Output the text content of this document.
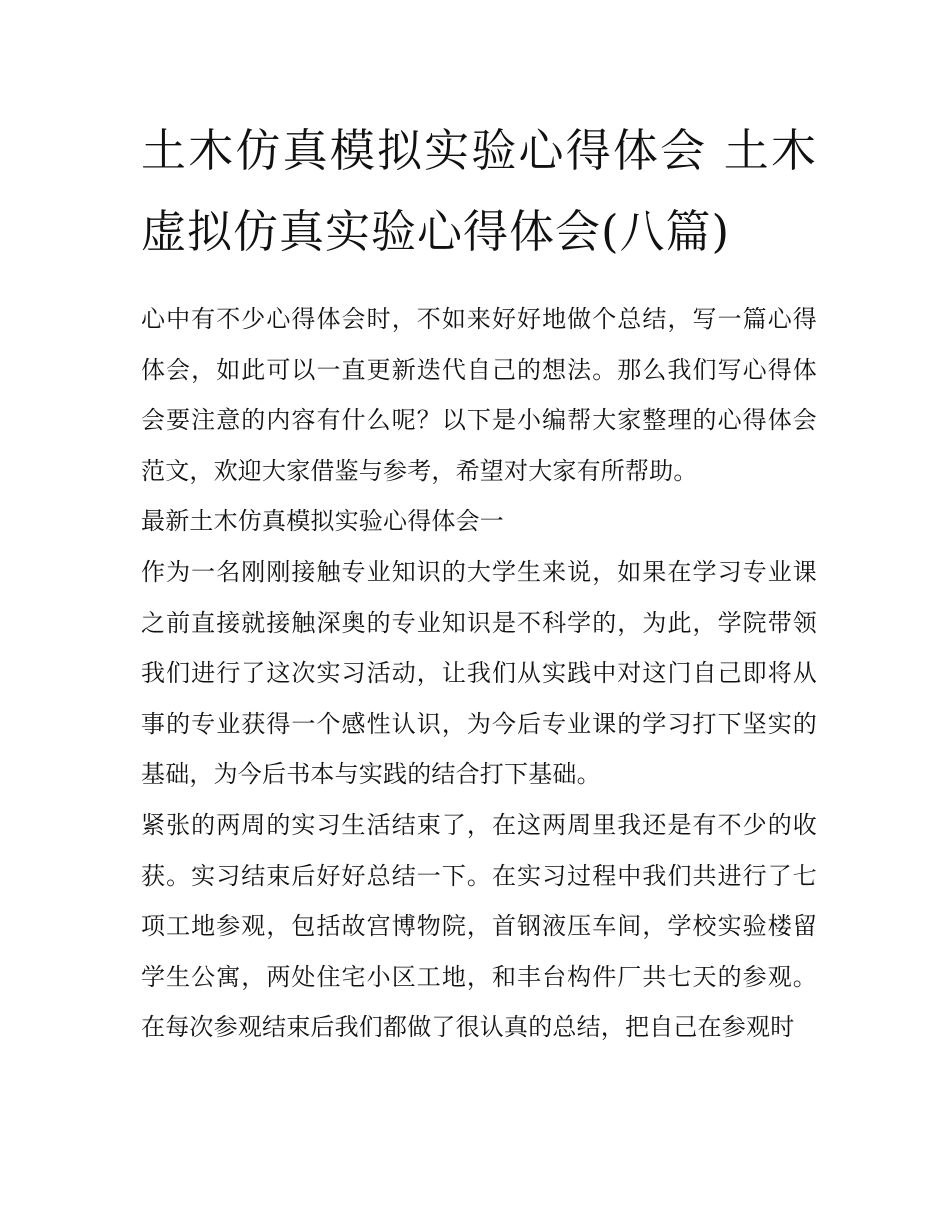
土木仿真模拟实验心得体会 土木虚拟仿真实验心得体会(八篇)

心中有不少心得体会时，不如来好好地做个总结，写一篇心得体会，如此可以一直更新迭代自己的想法。那么我们写心得体会要注意的内容有什么呢？以下是小编帮大家整理的心得体会范文，欢迎大家借鉴与参考，希望对大家有所帮助。

最新土木仿真模拟实验心得体会一

作为一名刚刚接触专业知识的大学生来说，如果在学习专业课之前直接就接触深奥的专业知识是不科学的，为此，学院带领我们进行了这次实习活动，让我们从实践中对这门自己即将从事的专业获得一个感性认识，为今后专业课的学习打下坚实的基础，为今后书本与实践的结合打下基础。

紧张的两周的实习生活结束了，在这两周里我还是有不少的收获。实习结束后好好总结一下。在实习过程中我们共进行了七项工地参观，包括故宫博物院，首钢液压车间，学校实验楼留学生公寓，两处住宅小区工地，和丰台构件厂共七天的参观。在每次参观结束后我们都做了很认真的总结，把自己在参观时
